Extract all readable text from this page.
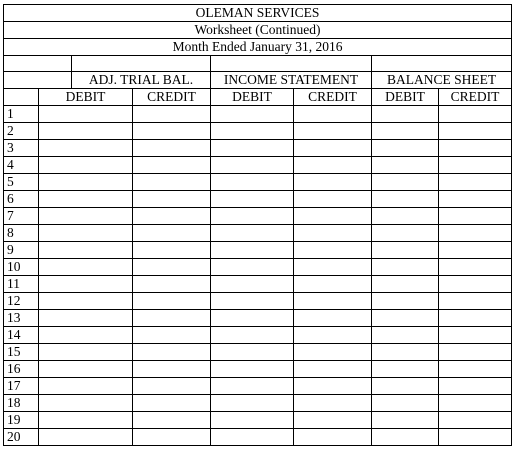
OLEMAN SERVICES							
Worksheet (Continued)							
Month Ended January 31, 2016							

		ADJ. TRIAL BAL.		INCOME STATEMENT		BALANCE SHEET	
	DEBIT		CREDIT	DEBIT	CREDIT	DEBIT	CREDIT
1							
2							
3							
4							
5							
6							
7							
8							
9							
10							
11							
12							
13							
14							
15							
16							
17							
18							
19							
20							
